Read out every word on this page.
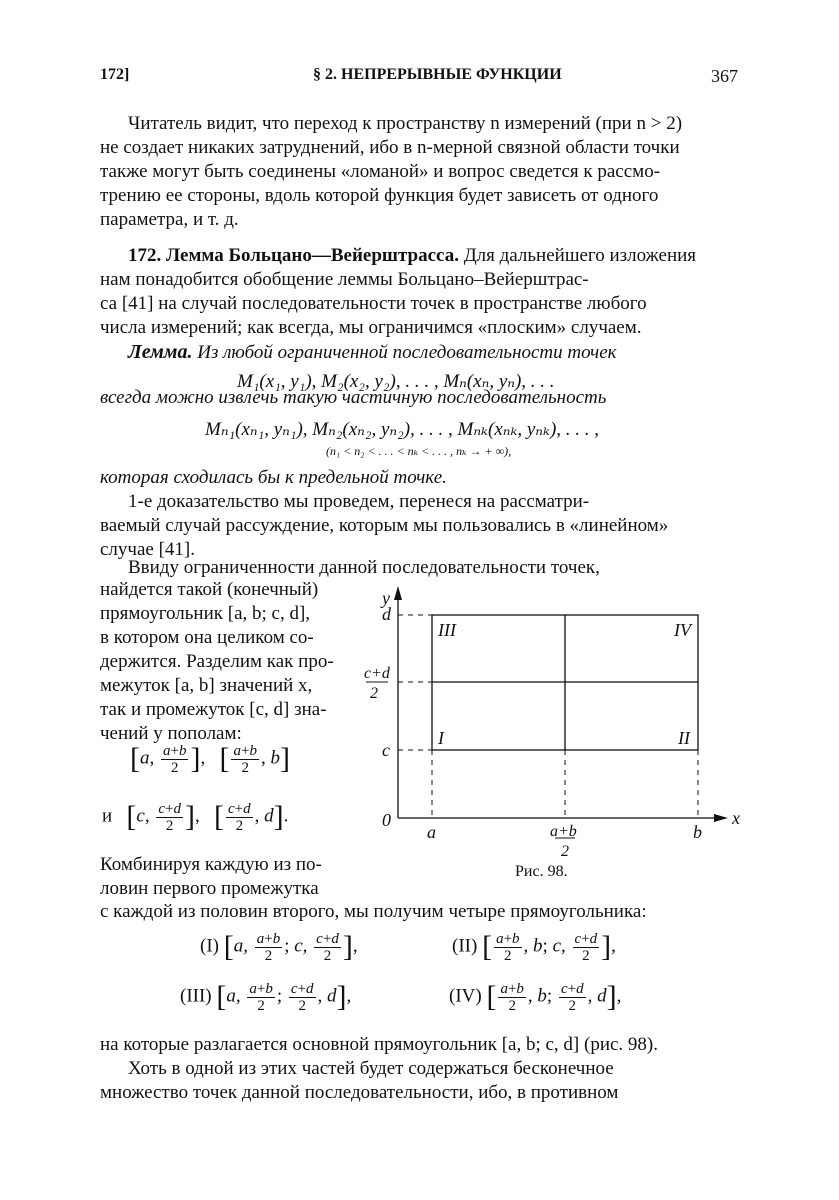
172]	§ 2. НЕПРЕРЫВНЫЕ ФУНКЦИИ	367
Читатель видит, что переход к пространству n измерений (при n > 2)
не создает никаких затруднений, ибо в n-мерной связной области точки
также могут быть соединены «ломаной» и вопрос сведется к рассмо-
трению ее стороны, вдоль которой функция будет зависеть от одного
параметра, и т. д.
172. Лемма Больцано—Вейерштрасса. Для дальнейшего изложения
нам понадобится обобщение леммы Больцано–Вейерштрас-
са [41] на случай последовательности точек в пространстве любого
числа измерений; как всегда, мы ограничимся «плоским» случаем.
Лемма. Из любой ограниченной последовательности точек
M₁(x₁, y₁), M₂(x₂, y₂), . . . , Mₙ(xₙ, yₙ), . . .
всегда можно извлечь такую частичную последовательность
Mₙ₁(xₙ₁, yₙ₁), Mₙ₂(xₙ₂, yₙ₂), . . . , Mₙₖ(xₙₖ, yₙₖ), . . . ,
(n₁ < n₂ < . . . < nₖ < . . . , nₖ → + ∞),
которая сходилась бы к предельной точке.
1-е доказательство мы проведем, перенеся на рассматри-
ваемый случай рассуждение, которым мы пользовались в «линейном»
случае [41].
Ввиду ограниченности данной последовательности точек,
найдется такой (конечный)
прямоугольник [a, b; c, d],
в котором она целиком со-
держится. Разделим как про-
межуток [a, b] значений x,
так и промежуток [c, d] зна-
чений y пополам:
[a, $\frac{a+b}{2}$ ],   [ $\frac{a+b}{2}$ , b]
и [c, $\frac{c+d}{2}$ ],   [ $\frac{c+d}{2}$ , d].
Комбинируя каждую из по-
ловин первого промежутка
с каждой из половин второго, мы получим четыре прямоугольника:
y
x
0
a	b
a+b
2
c
d
c+d
2
I	II
III	IV
Рис. 98.
(I) [a, $\frac{a+b}{2}$ ; c, $\frac{c+d}{2}$ ],	(II) [ $\frac{a+b}{2}$ , b; c, $\frac{c+d}{2}$ ],
(III) [a, $\frac{a+b}{2}$ ; $\frac{c+d}{2}$ , d],	(IV) [ $\frac{a+b}{2}$ , b; $\frac{c+d}{2}$ , d],
на которые разлагается основной прямоугольник [a, b; c, d] (рис. 98).
Хоть в одной из этих частей будет содержаться бесконечное
множество точек данной последовательности, ибо, в противном
